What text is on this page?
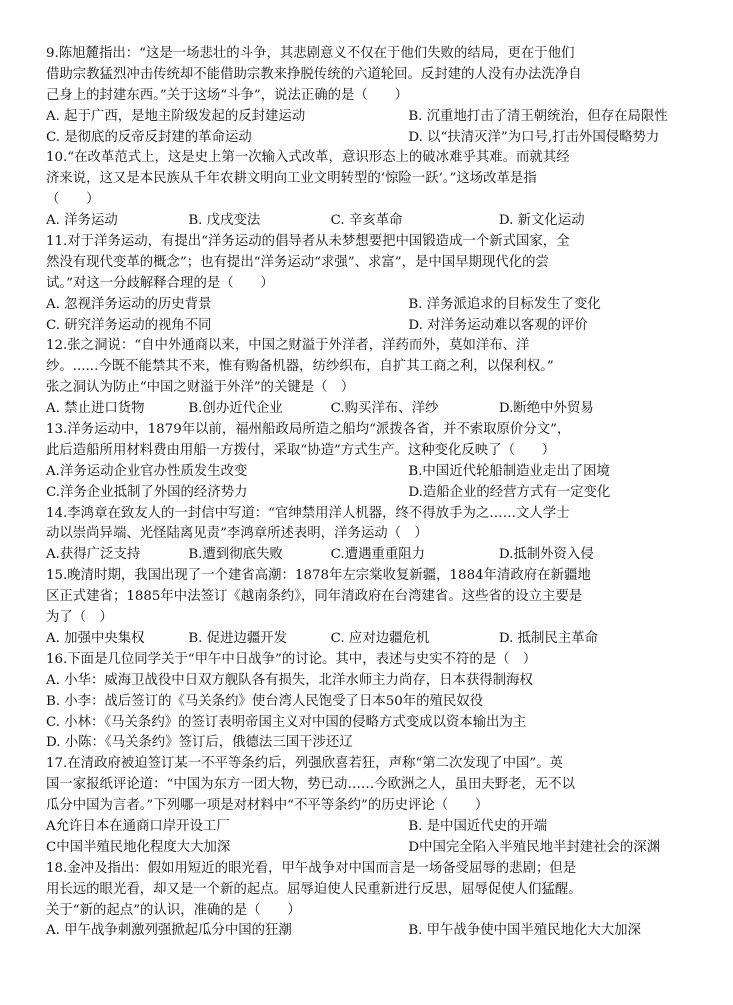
9.陈旭麓指出：“这是一场悲壮的斗争，其悲剧意义不仅在于他们失败的结局，更在于他们
借助宗教猛烈冲击传统却不能借助宗教来挣脱传统的六道轮回。反封建的人没有办法洗净自
己身上的封建东西。”关于这场“斗争”，说法正确的是（　　）
A. 起于广西，是地主阶级发起的反封建运动	B. 沉重地打击了清王朝统治，但存在局限性
C. 是彻底的反帝反封建的革命运动	D. 以“扶清灭洋”为口号,打击外国侵略势力
10.“在改革范式上，这是史上第一次输入式改革，意识形态上的破冰难乎其难。而就其经
济来说，这又是本民族从千年农耕文明向工业文明转型的‘惊险一跃’。”这场改革是指
（　　）
A. 洋务运动	B. 戊戌变法	C. 辛亥革命	D. 新文化运动
11.对于洋务运动，有提出“洋务运动的倡导者从未梦想要把中国锻造成一个新式国家，全
然没有现代变革的概念”；也有提出“洋务运动“求强”、求富”，是中国早期现代化的尝
试。”对这一分歧解释合理的是（　　）
A. 忽视洋务运动的历史背景	B. 洋务派追求的目标发生了变化
C. 研究洋务运动的视角不同	D. 对洋务运动难以客观的评价
12.张之洞说：“自中外通商以来，中国之财溢于外洋者，洋药而外，莫如洋布、洋
纱。......今既不能禁其不来，惟有购备机器，纺纱织布，自扩其工商之利，以保利权。”
张之洞认为防止“中国之财溢于外洋”的关键是（　）
A. 禁止进口货物	B.创办近代企业	C.购买洋布、洋纱	D.断绝中外贸易
13.洋务运动中，1879年以前，福州船政局所造之船均“派拨各省，并不索取原价分文”，
此后造船所用材料费由用船一方拨付，采取“协造”方式生产。这种变化反映了（　　）
A.洋务运动企业官办性质发生改变	B.中国近代轮船制造业走出了困境
C.洋务企业抵制了外国的经济势力	D.造船企业的经营方式有一定变化
14.李鸿章在致友人的一封信中写道：“官绅禁用洋人机器，终不得放手为之……文人学士
动以崇尚异端、光怪陆离见责”李鸿章所述表明，洋务运动（　）
A.获得广泛支持	B.遭到彻底失败	C.遭遇重重阻力	D.抵制外资入侵
15.晚清时期，我国出现了一个建省高潮：1878年左宗棠收复新疆，1884年清政府在新疆地
区正式建省；1885年中法签订《越南条约》，同年清政府在台湾建省。这些省的设立主要是
为了（　）
A. 加强中央集权	B. 促进边疆开发	C. 应对边疆危机	D. 抵制民主革命
16.下面是几位同学关于“甲午中日战争”的讨论。其中，表述与史实不符的是（　）
A. 小华：威海卫战役中日双方舰队各有损失，北洋水师主力尚存，日本获得制海权
B. 小李：战后签订的《马关条约》使台湾人民饱受了日本50年的殖民奴役
C. 小林：《马关条约》的签订表明帝国主义对中国的侵略方式变成以资本输出为主
D. 小陈：《马关条约》签订后，俄德法三国干涉还辽
17.在清政府被迫签订某一不平等条约后，列强欣喜若狂，声称“第二次发现了中国”。英
国一家报纸评论道：“中国为东方一团大物，势已动……今欧洲之人，虽田夫野老，无不以
瓜分中国为言者。”下列哪一项是对材料中“不平等条约”的历史评论（　　）
A允许日本在通商口岸开设工厂	B. 是中国近代史的开端
C中国半殖民地化程度大大加深	D中国完全陷入半殖民地半封建社会的深渊
18.金冲及指出：假如用短近的眼光看，甲午战争对中国而言是一场备受屈辱的悲剧；但是
用长远的眼光看，却又是一个新的起点。屈辱迫使人民重新进行反思，屈辱促使人们猛醒。
关于“新的起点”的认识，准确的是（　　）
A. 甲午战争刺激列强掀起瓜分中国的狂潮	B. 甲午战争使中国半殖民地化大大加深
